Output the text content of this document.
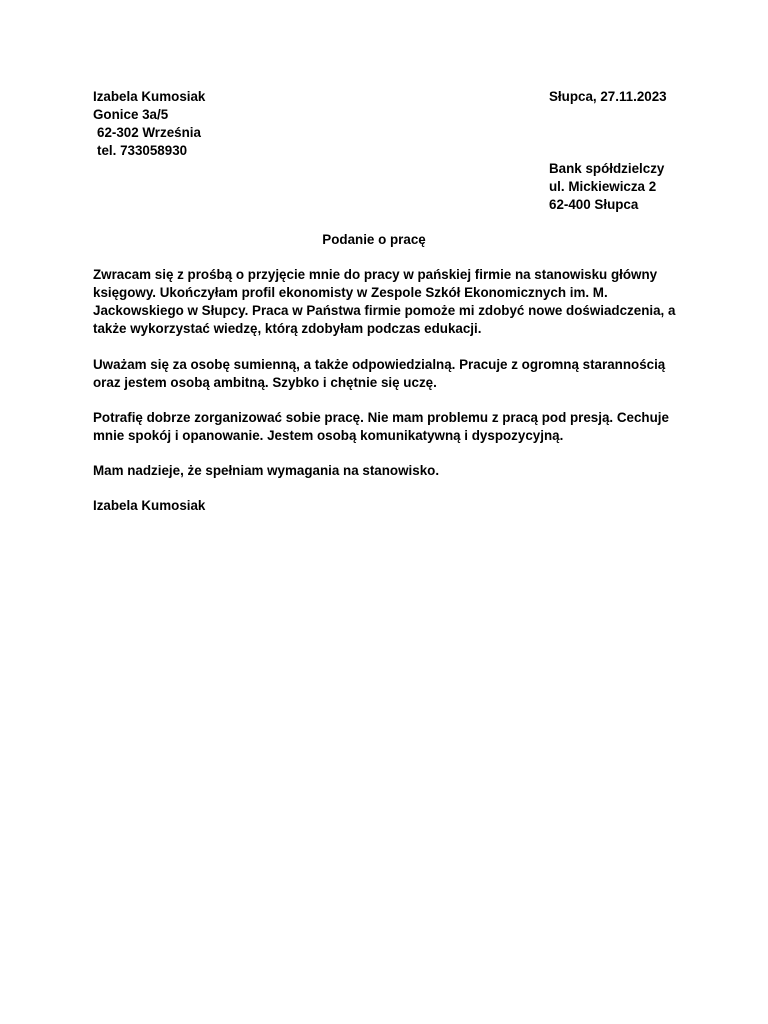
Izabela Kumosiak
Gonice 3a/5
62-302 Września
tel. 733058930
Słupca, 27.11.2023
Bank spółdzielczy
ul. Mickiewicza 2
62-400 Słupca
Podanie o pracę
Zwracam się z prośbą o przyjęcie mnie do pracy w pańskiej firmie na stanowisku główny
księgowy. Ukończyłam profil ekonomisty w Zespole Szkół Ekonomicznych im. M.
Jackowskiego w Słupcy. Praca w Państwa firmie pomoże mi zdobyć nowe doświadczenia, a
także wykorzystać wiedzę, którą zdobyłam podczas edukacji.
Uważam się za osobę sumienną, a także odpowiedzialną. Pracuje z ogromną starannością
oraz jestem osobą ambitną. Szybko i chętnie się uczę.
Potrafię dobrze zorganizować sobie pracę. Nie mam problemu z pracą pod presją. Cechuje
mnie spokój i opanowanie. Jestem osobą komunikatywną i dyspozycyjną.
Mam nadzieje, że spełniam wymagania na stanowisko.
Izabela Kumosiak
